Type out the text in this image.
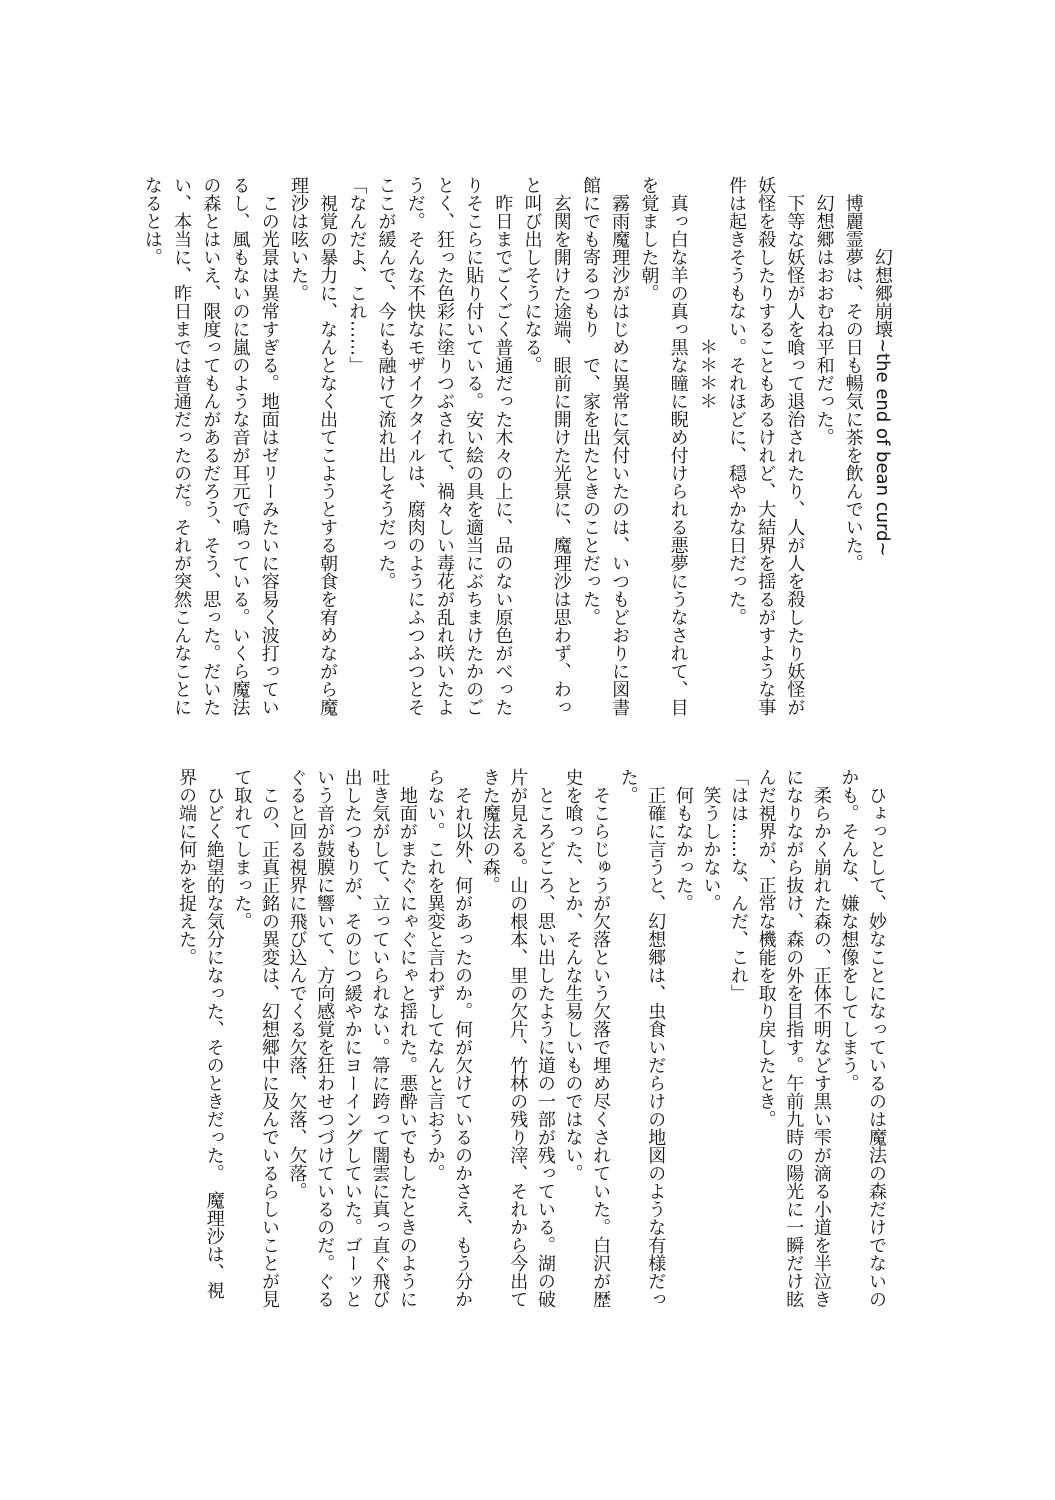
　　　　幻想郷崩壊~the end of bean curd~
　博麗霊夢は、その日も暢気に茶を飲んでいた。
　幻想郷はおおむね平和だった。
　下等な妖怪が人を喰って退治されたり、人が人を殺したり妖怪が
妖怪を殺したりすることもあるけれど、大結界を揺るがすような事
件は起きそうもない。それほどに、穏やかな日だった。
　　　　　　　　　＊＊＊＊
　真っ白な羊の真っ黒な瞳に睨め付けられる悪夢にうなされて、目
を覚ました朝。
　霧雨魔理沙がはじめに異常に気付いたのは、いつもどおりに図書
館にでも寄るつもり　で、家を出たときのことだった。
　玄関を開けた途端、眼前に開けた光景に、魔理沙は思わず、わっ
と叫び出しそうになる。
　昨日までごくごく普通だった木々の上に、品のない原色がべった
りそこらに貼り付いている。安い絵の具を適当にぶちまけたかのご
とく、狂った色彩に塗りつぶされて、禍々しい毒花が乱れ咲いたよ
うだ。そんな不快なモザイクタイルは、腐肉のようにふつふつとそ
ここが緩んで、今にも融けて流れ出しそうだった。
「なんだよ、これ……」
　視覚の暴力に、なんとなく出てこようとする朝食を宥めながら魔
理沙は呟いた。
　この光景は異常すぎる。地面はゼリーみたいに容易く波打ってい
るし、風もないのに嵐のような音が耳元で鳴っている。いくら魔法
の森とはいえ、限度ってもんがあるだろう、そう、思った。だいた
い、本当に、昨日までは普通だったのだ。それが突然こんなことに
なるとは。
　ひょっとして、妙なことになっているのは魔法の森だけでないの
かも。そんな、嫌な想像をしてしまう。
　柔らかく崩れた森の、正体不明などす黒い雫が滴る小道を半泣き
になりながら抜け、森の外を目指す。午前九時の陽光に一瞬だけ眩
んだ視界が、正常な機能を取り戻したとき。
「はは……な、んだ、これ」
　笑うしかない。
　何もなかった。
　正確に言うと、幻想郷は、虫食いだらけの地図のような有様だっ
た。
　そこらじゅうが欠落という欠落で埋め尽くされていた。白沢が歴
史を喰った、とか、そんな生易しいものではない。
　ところどころ、思い出したように道の一部が残っている。湖の破
片が見える。山の根本、里の欠片、竹林の残り滓、それから今出て
きた魔法の森。
　それ以外、何があったのか。何が欠けているのかさえ、もう分か
らない。これを異変と言わずしてなんと言おうか。
　地面がまたぐにゃぐにゃと揺れた。悪酔いでもしたときのように
吐き気がして、立っていられない。箒に跨って闇雲に真っ直ぐ飛び
出したつもりが、そのじつ緩やかにヨーイングしていた。ゴーッと
いう音が鼓膜に響いて、方向感覚を狂わせつづけているのだ。ぐる
ぐると回る視界に飛び込んでくる欠落、欠落、欠落。
　この、正真正銘の異変は、幻想郷中に及んでいるらしいことが見
て取れてしまった。
　ひどく絶望的な気分になった、そのときだった。　魔理沙は、視
界の端に何かを捉えた。
